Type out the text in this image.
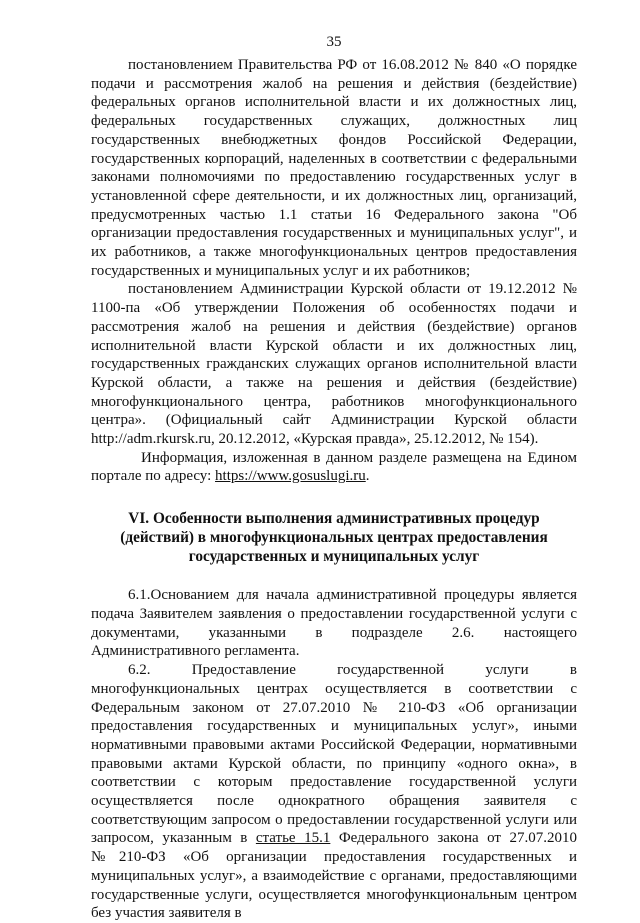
35

постановлением Правительства РФ от 16.08.2012 № 840 «О порядке подачи и рассмотрения жалоб на решения и действия (бездействие) федеральных органов исполнительной власти и их должностных лиц, федеральных государственных служащих, должностных лиц государственных внебюджетных фондов Российской Федерации, государственных корпораций, наделенных в соответствии с федеральными законами полномочиями по предоставлению государственных услуг в установленной сфере деятельности, и их должностных лиц, организаций, предусмотренных частью 1.1 статьи 16 Федерального закона "Об организации предоставления государственных и муниципальных услуг", и их работников, а также многофункциональных центров предоставления государственных и муниципальных услуг и их работников;

постановлением Администрации Курской области от 19.12.2012 № 1100-па «Об утверждении Положения об особенностях подачи и рассмотрения жалоб на решения и действия (бездействие) органов исполнительной власти Курской области и их должностных лиц, государственных гражданских служащих органов исполнительной власти Курской области, а также на решения и действия (бездействие) многофункционального центра, работников многофункционального центра». (Официальный сайт Администрации Курской области http://adm.rkursk.ru, 20.12.2012, «Курская правда», 25.12.2012, № 154).

Информация, изложенная в данном разделе размещена на Едином портале по адресу: https://www.gosuslugi.ru.

VI. Особенности выполнения административных процедур (действий) в многофункциональных центрах предоставления государственных и муниципальных услуг

6.1.Основанием для начала административной процедуры является подача Заявителем заявления о предоставлении государственной услуги с документами, указанными в подразделе 2.6. настоящего Административного регламента.

6.2. Предоставление государственной услуги в многофункциональных центрах осуществляется в соответствии с Федеральным законом от 27.07.2010 № 210-ФЗ «Об организации предоставления государственных и муниципальных услуг», иными нормативными правовыми актами Российской Федерации, нормативными правовыми актами Курской области, по принципу «одного окна», в соответствии с которым предоставление государственной услуги осуществляется после однократного обращения заявителя с соответствующим запросом о предоставлении государственной услуги или запросом, указанным в статье 15.1 Федерального закона от 27.07.2010 №210-ФЗ «Об организации предоставления государственных и муниципальных услуг», а взаимодействие с органами, предоставляющими государственные услуги, осуществляется многофункциональным центром без участия заявителя в
